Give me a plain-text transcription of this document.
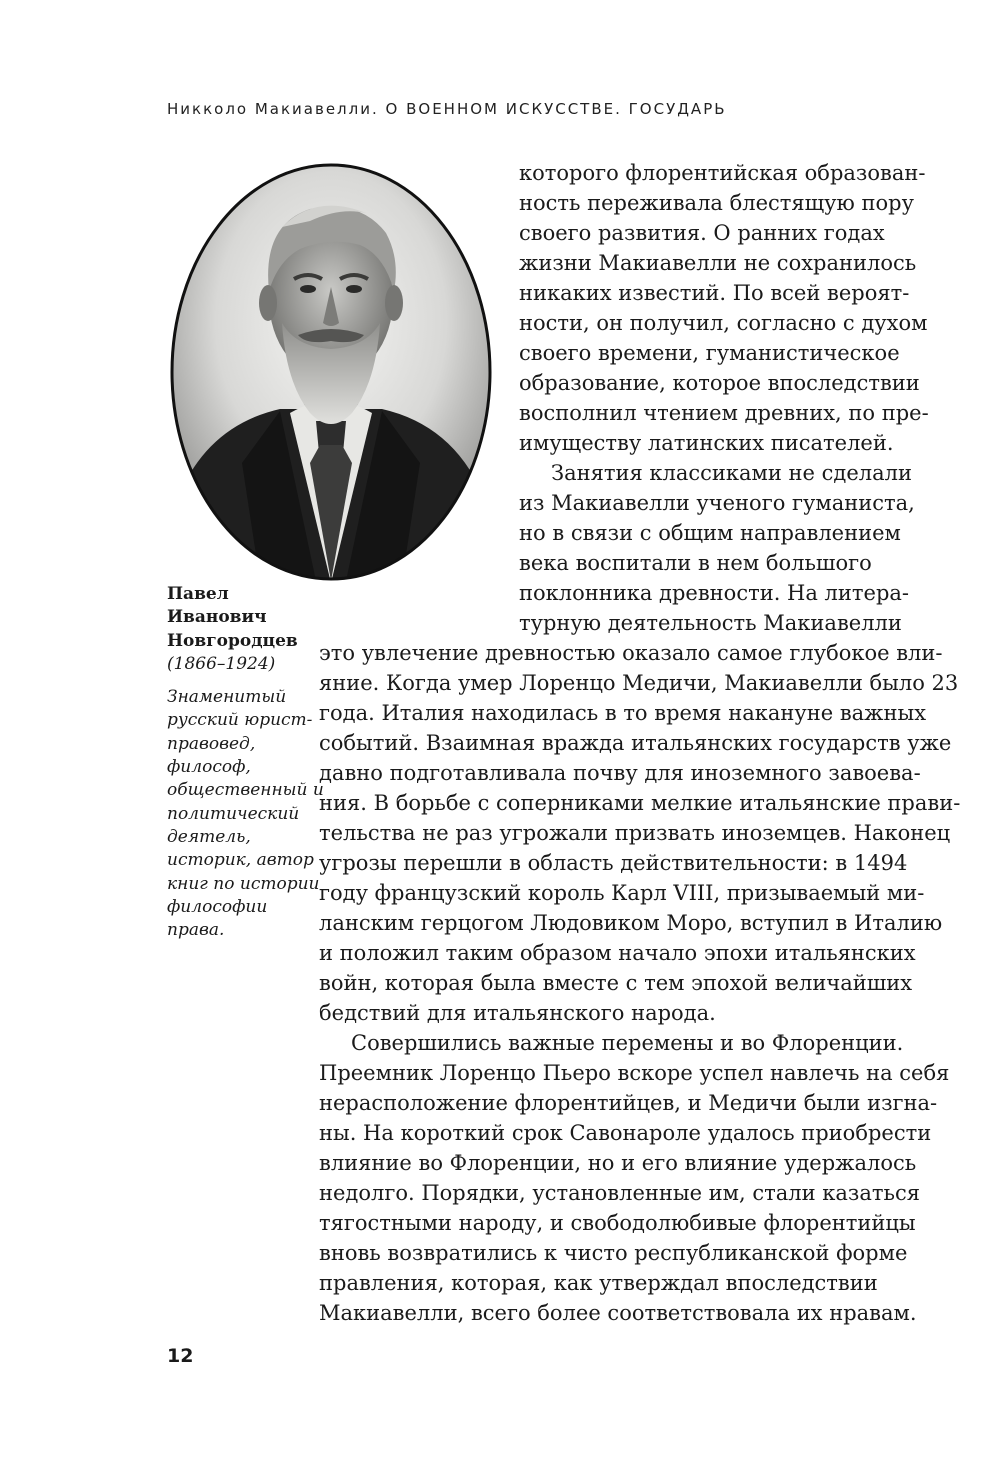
Никколо Макиавелли. О ВОЕННОМ ИСКУССТВЕ. ГОСУДАРЬ
Павел Иванович Новгородцев
(1866–1924)
Знаменитый русский юрист-правовед, философ, общественный и политический деятель, историк, автор книг по истории философии права.
которого флорентийская образован-
ность переживала блестящую пору
своего развития. О ранних годах
жизни Макиавелли не сохранилось
никаких известий. По всей вероят-
ности, он получил, согласно с духом
своего времени, гуманистическое
образование, которое впоследствии
восполнил чтением древних, по пре-
имуществу латинских писателей.
Занятия классиками не сделали
из Макиавелли ученого гуманиста,
но в связи с общим направлением
века воспитали в нем большого
поклонника древности. На литера-
турную деятельность Макиавелли
это увлечение древностью оказало самое глубокое вли-
яние. Когда умер Лоренцо Медичи, Макиавелли было 23
года. Италия находилась в то время накануне важных
событий. Взаимная вражда итальянских государств уже
давно подготавливала почву для иноземного завоева-
ния. В борьбе с соперниками мелкие итальянские прави-
тельства не раз угрожали призвать иноземцев. Наконец
угрозы перешли в область действительности: в 1494
году французский король Карл VIII, призываемый ми-
ланским герцогом Людовиком Моро, вступил в Италию
и положил таким образом начало эпохи итальянских
войн, которая была вместе с тем эпохой величайших
бедствий для итальянского народа.
Совершились важные перемены и во Флоренции.
Преемник Лоренцо Пьеро вскоре успел навлечь на себя
нерасположение флорентийцев, и Медичи были изгна-
ны. На короткий срок Савонароле удалось приобрести
влияние во Флоренции, но и его влияние удержалось
недолго. Порядки, установленные им, стали казаться
тягостными народу, и свободолюбивые флорентийцы
вновь возвратились к чисто республиканской форме
правления, которая, как утверждал впоследствии
Макиавелли, всего более соответствовала их нравам.
12
